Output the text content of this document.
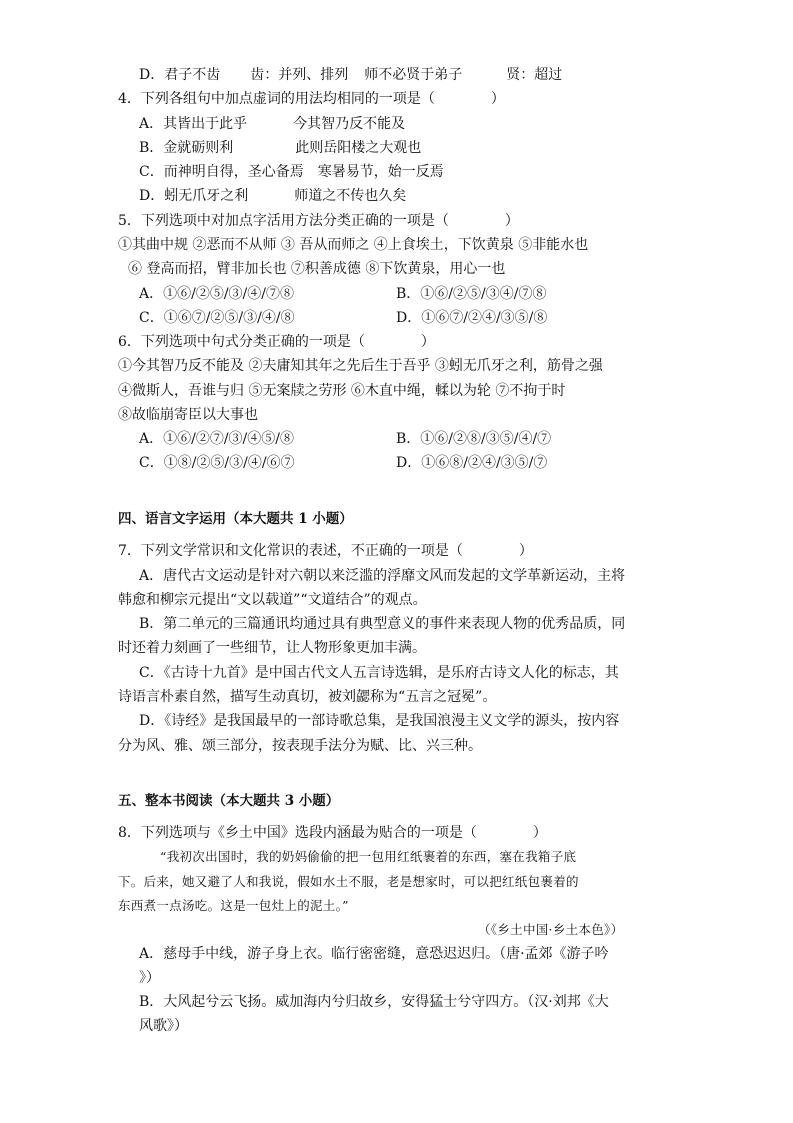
D．君子不齿 齿：并列、排列 师不必贤于弟子	贤：超过
4．下列各组句中加点虚词的用法均相同的一项是（　　　　）
A．其皆出于此乎	今其智乃反不能及
B．金就砺则利	此则岳阳楼之大观也
C．而神明自得，圣心备焉　寒暑易节，始一反焉
D．蚓无爪牙之利	师道之不传也久矣
5．下列选项中对加点字活用方法分类正确的一项是（　　　　）
①其曲中规 ②恶而不从师 ③ 吾从而师之 ④上食埃土，下饮黄泉 ⑤非能水也
⑥ 登高而招，臂非加长也 ⑦积善成德 ⑧下饮黄泉，用心一也
A．①⑥/②⑤/③/④/⑦⑧	B．①⑥/②⑤/③④/⑦⑧
C．①⑥⑦/②⑤/③/④/⑧	D．①⑥⑦/②④/③⑤/⑧
6．下列选项中句式分类正确的一项是（　　　　）
①今其智乃反不能及 ②夫庸知其年之先后生于吾乎 ③蚓无爪牙之利，筋骨之强
④微斯人，吾谁与归 ⑤无案牍之劳形 ⑥木直中绳，輮以为轮 ⑦不拘于时
⑧故临崩寄臣以大事也
A．①⑥/②⑦/③/④⑤/⑧	B．①⑥/②⑧/③⑤/④/⑦
C．①⑧/②⑤/③/④/⑥⑦	D．①⑥⑧/②④/③⑤/⑦
四、语言文字运用（本大题共 1 小题）
7．下列文学常识和文化常识的表述，不正确的一项是（　　　　）
A．唐代古文运动是针对六朝以来泛滥的浮靡文风而发起的文学革新运动，主将
韩愈和柳宗元提出“文以载道”“文道结合”的观点。
B．第二单元的三篇通讯均通过具有典型意义的事件来表现人物的优秀品质，同
时还着力刻画了一些细节，让人物形象更加丰满。
C．《古诗十九首》是中国古代文人五言诗选辑，是乐府古诗文人化的标志，其
诗语言朴素自然，描写生动真切，被刘勰称为“五言之冠冕”。
D．《诗经》是我国最早的一部诗歌总集，是我国浪漫主义文学的源头，按内容
分为风、雅、颂三部分，按表现手法分为赋、比、兴三种。
五、整本书阅读（本大题共 3 小题）
8．下列选项与《乡土中国》选段内涵最为贴合的一项是（　　　　）
“我初次出国时，我的奶妈偷偷的把一包用红纸裹着的东西，塞在我箱子底
下。后来，她又避了人和我说，假如水土不服，老是想家时，可以把红纸包裹着的
东西煮一点汤吃。这是一包灶上的泥土。”
（《乡土中国·乡土本色》）
A．慈母手中线，游子身上衣。临行密密缝，意恐迟迟归。（唐·孟郊《游子吟
》）
B．大风起兮云飞扬。威加海内兮归故乡，安得猛士兮守四方。（汉·刘邦《大
风歌》）
